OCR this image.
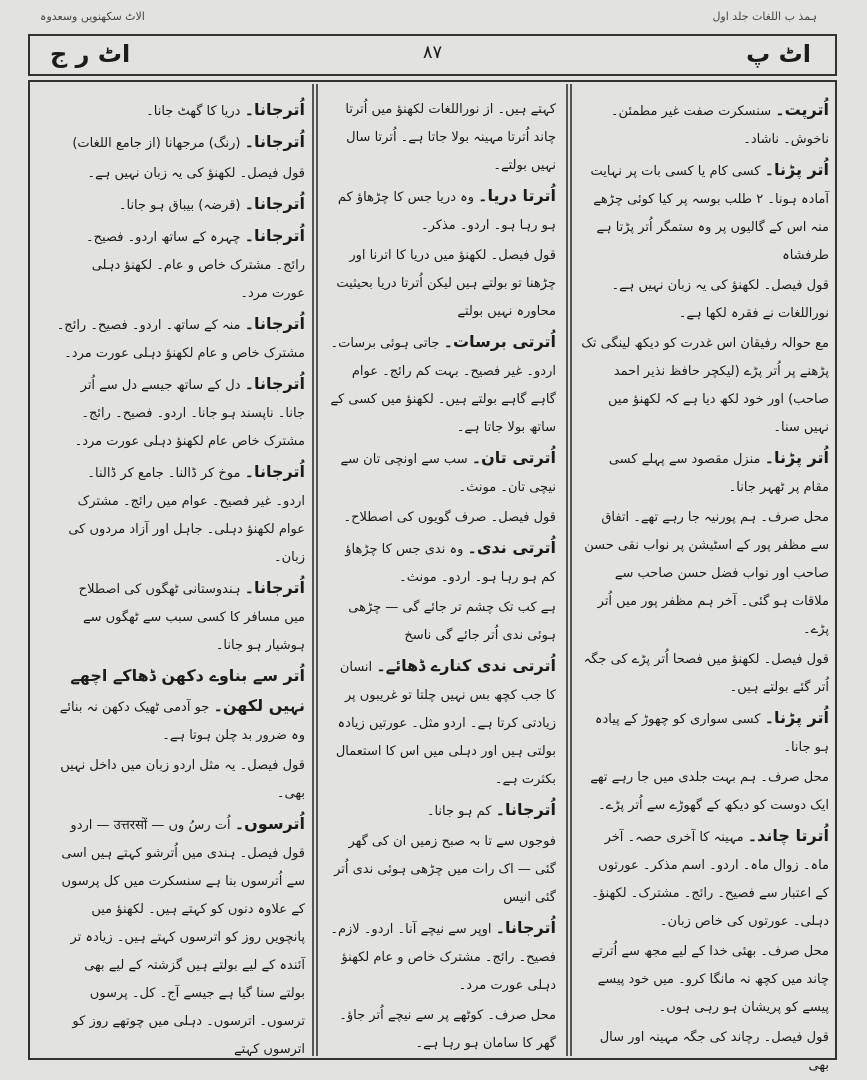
الاٹ سکھنویں وسعدوہ	ہمذ ب اللغات جلد اول
اٹ ر ج	٨٧	اٹ پ

اُترپت۔ سنسکرت صفت غیر مطمئن۔ ناخوش۔ ناشاد۔

اُتر پڑنا۔ کسی کام یا کسی بات پر نہایت آمادہ ہونا۔ ۲ طلب بوسہ پر کیا کوئی چڑھے منہ اس کے گالیوں پر وہ ستمگر اُتر پڑتا ہے طرفشاہ

قول فیصل۔ لکھنؤ کی یہ زبان نہیں ہے۔ نوراللغات نے فقرہ لکھا ہے۔

مع حوالہ رفیقان اس غدرت کو دیکھ لینگی تک پڑھنے پر اُتر پڑے (لیکچر حافظ نذیر احمد صاحب) اور خود لکھ دیا ہے کہ لکھنؤ میں نہیں سنا۔

اُتر پڑنا۔ منزل مقصود سے پہلے کسی مقام پر ٹھہر جانا۔

محل صرف۔ ہم پورنیہ جا رہے تھے۔ اتفاق سے مظفر پور کے اسٹیشن پر نواب نقی حسن صاحب اور نواب فضل حسن صاحب سے ملاقات ہو گئی۔ آخر ہم مظفر پور میں اُتر پڑے۔

قول فیصل۔ لکھنؤ میں فصحا اُتر پڑے کی جگہ اُتر گئے بولتے ہیں۔

اُتر پڑنا۔ کسی سواری کو چھوڑ کے پیادہ ہو جانا۔

محل صرف۔ ہم بہت جلدی میں جا رہے تھے ایک دوست کو دیکھ کے گھوڑے سے اُتر پڑے۔

اُترتا چاند۔ مہینہ کا آخری حصہ۔ آخر ماہ۔ زوال ماہ۔ اردو۔ اسم مذکر۔ عورتوں کے اعتبار سے فصیح۔ رائج۔ مشترک۔ لکھنؤ۔ دہلی۔ عورتوں کی خاص زبان۔

محل صرف۔ بھئی خدا کے لیے مجھ سے اُترتے چاند میں کچھ نہ مانگا کرو۔ میں خود پیسے پیسے کو پریشان ہو رہی ہوں۔

قول فیصل۔ رچاند کی جگہ مہینہ اور سال بھی

کہتے ہیں۔ از نوراللغات لکھنؤ میں اُترتا چاند اُترتا مہینہ بولا جاتا ہے۔ اُترتا سال نہیں بولتے۔

اُترتا دریا۔ وہ دریا جس کا چڑھاؤ کم ہو رہا ہو۔ اردو۔ مذکر۔

قول فیصل۔ لکھنؤ میں دریا کا اترنا اور چڑھنا تو بولتے ہیں لیکن اُترتا دریا بحیثیت محاورہ نہیں بولتے

اُترتی برسات۔ جاتی ہوئی برسات۔ اردو۔ غیر فصیح۔ بہت کم رائج۔ عوام گاہے گاہے بولتے ہیں۔ لکھنؤ میں کسی کے ساتھ بولا جاتا ہے۔

اُترتی تان۔ سب سے اونچی تان سے نیچی تان۔ مونث۔

قول فیصل۔ صرف گویوں کی اصطلاح۔

اُترتی ندی۔ وہ ندی جس کا چڑھاؤ کم ہو رہا ہو۔ اردو۔ مونث۔

ہے کب تک چشم تر جائے گی — چڑھی ہوئی ندی اُتر جائے گی ناسخ

اُترتی ندی کنارے ڈھائے۔ انسان کا جب کچھ بس نہیں چلتا تو غریبوں پر زیادتی کرتا ہے۔ اردو مثل۔ عورتیں زیادہ بولتی ہیں اور دہلی میں اس کا استعمال بکثرت ہے۔

اُترجانا۔ کم ہو جانا۔

فوجوں سے تا بہ صبح زمیں ان کی گھر گئی — اک رات میں چڑھی ہوئی ندی اُتر گئی انیس

اُترجانا۔ اوپر سے نیچے آنا۔ اردو۔ لازم۔ فصیح۔ رائج۔ مشترک خاص و عام لکھنؤ دہلی عورت مرد۔

محل صرف۔ کوٹھے پر سے نیچے اُتر جاؤ۔ گھر کا سامان ہو رہا ہے۔

اُترجانا۔ دریا کا گھٹ جانا۔

اُترجانا۔ (رنگ) مرجھانا (از جامع اللغات)

قول فیصل۔ لکھنؤ کی یہ زبان نہیں ہے۔

اُترجانا۔ (قرضہ) بیباق ہو جانا۔

اُترجانا۔ چہرہ کے ساتھ اردو۔ فصیح۔ رائج۔ مشترک خاص و عام۔ لکھنؤ دہلی عورت مرد۔

اُترجانا۔ منہ کے ساتھ۔ اردو۔ فصیح۔ رائج۔ مشترک خاص و عام لکھنؤ دہلی عورت مرد۔

اُترجانا۔ دل کے ساتھ جیسے دل سے اُتر جانا۔ ناپسند ہو جانا۔ اردو۔ فصیح۔ رائج۔ مشترک خاص عام لکھنؤ دہلی عورت مرد۔

اُترجانا۔ موخ کر ڈالنا۔ جامع کر ڈالنا۔ اردو۔ غیر فصیح۔ عوام میں رائج۔ مشترک عوام لکھنؤ دہلی۔ جاہل اور آزاد مردوں کی زبان۔

اُترجانا۔ ہندوستانی ٹھگوں کی اصطلاح میں مسافر کا کسی سبب سے ٹھگوں سے ہوشیار ہو جانا۔

اُتر سے بناوے دکھن ڈھاکے اچھے نہیں لکھن۔ جو آدمی ٹھیک دکھن نہ بنائے وہ ضرور بد چلن ہوتا ہے۔

قول فیصل۔ یہ مثل اردو زبان میں داخل نہیں بھی۔

اُترسوں۔ اُت رسُ وں — उत्तरसों — اردو قول فیصل۔ ہندی میں اُترشو کہتے ہیں اسی سے اُترسوں بنا ہے سنسکرت میں کل پرسوں کے علاوہ دنوں کو کہتے ہیں۔ لکھنؤ میں پانچویں روز کو اترسوں کہتے ہیں۔ زیادہ تر آئندہ کے لیے بولتے ہیں گزشتہ کے لیے بھی بولتے سنا گیا ہے جیسے آج۔ کل۔ پرسوں ترسوں۔ اترسوں۔ دہلی میں چوتھے روز کو اترسوں کہتے
